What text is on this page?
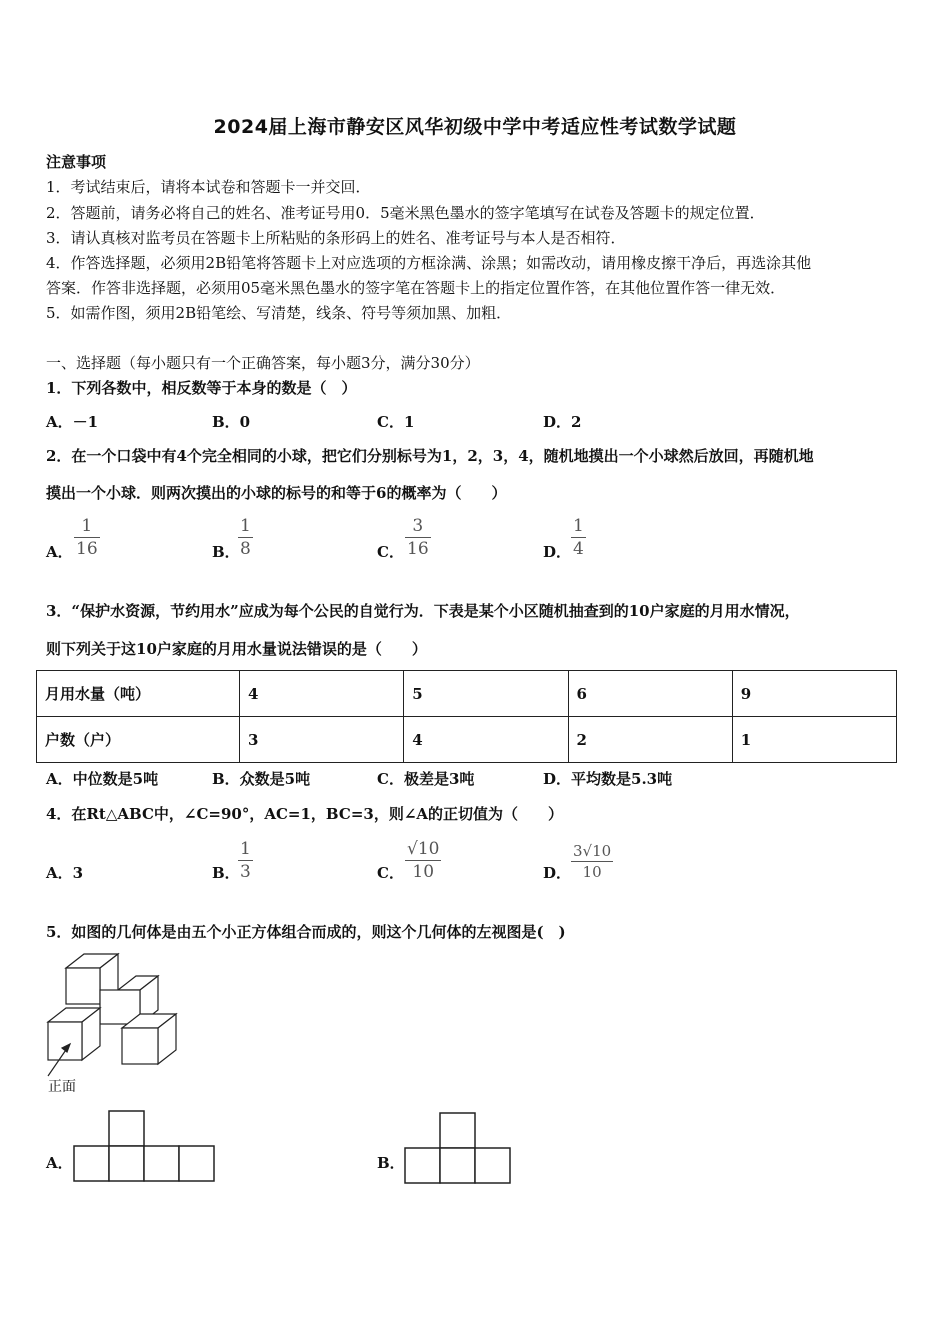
2024届上海市静安区风华初级中学中考适应性考试数学试题
注意事项
1．考试结束后，请将本试卷和答题卡一并交回．
2．答题前，请务必将自己的姓名、准考证号用0．5毫米黑色墨水的签字笔填写在试卷及答题卡的规定位置．
3．请认真核对监考员在答题卡上所粘贴的条形码上的姓名、准考证号与本人是否相符．
4．作答选择题，必须用2B铅笔将答题卡上对应选项的方框涂满、涂黑；如需改动，请用橡皮擦干净后，再选涂其他
答案．作答非选择题，必须用05毫米黑色墨水的签字笔在答题卡上的指定位置作答，在其他位置作答一律无效．
5．如需作图，须用2B铅笔绘、写清楚，线条、符号等须加黑、加粗．
一、选择题（每小题只有一个正确答案，每小题3分，满分30分）
1．下列各数中，相反数等于本身的数是（　）
A．－1	B．0	C．1	D．2
2．在一个口袋中有4个完全相同的小球，把它们分别标号为1，2，3，4，随机地摸出一个小球然后放回，再随机地
摸出一个小球．则两次摸出的小球的标号的和等于6的概率为（　　）
A． $\frac{1}{16}$	B．
$\frac{1}{8}$	C． $\frac{3}{16}$	D． $\frac{1}{4}$
3．“保护水资源，节约用水”应成为每个公民的自觉行为．下表是某个小区随机抽查到的10户家庭的月用水情况，
则下列关于这10户家庭的月用水量说法错误的是（　　）
月用水量（吨）	4	5	6	9
户数（户）	3	4	2	1
A．中位数是5吨	B．众数是5吨	C．极差是3吨	D．平均数是5.3吨
4．在Rt△ABC中，∠C=90°，AC=1，BC=3，则∠A的正切值为（　　）
A．3	B．
$\frac{1}{3}$	C． $\frac{√10}{10}$	D． $\frac{3√10}{10}$
5．如图的几何体是由五个小正方体组合而成的，则这个几何体的左视图是(　)
正面
A．	B．
